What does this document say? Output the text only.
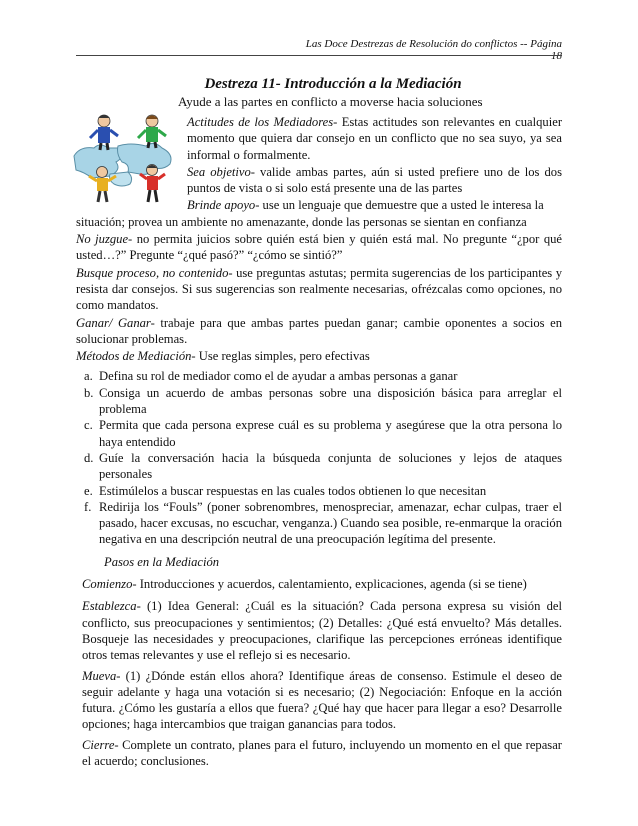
Las Doce Destrezas de Resolución do conflictos -- Página 18
Destreza 11- Introducción a la Mediación
Ayude a las partes en conflicto a moverse hacia soluciones

Actitudes de los Mediadores- Estas actitudes son relevantes en cualquier momento que quiera dar consejo en un conflicto que no sea suyo, ya sea informal o formalmente.

Sea objetivo- valide ambas partes, aún si usted prefiere uno de los dos puntos de vista o si solo está presente una de las partes

Brinde apoyo- use un lenguaje que demuestre que a usted le interesa la

situación; provea un ambiente no amenazante, donde las personas se sientan en confianza

No juzgue- no permita juicios sobre quién está bien y quién está mal. No pregunte “¿por qué usted…?” Pregunte “¿qué pasó?” “¿cómo se sintió?”

Busque proceso, no contenido- use preguntas astutas; permita sugerencias de los participantes y resista dar consejos. Si sus sugerencias son realmente necesarias, ofrézcalas como opciones, no como mandatos.

Ganar/ Ganar- trabaje para que ambas partes puedan ganar; cambie oponentes a socios en solucionar problemas.

Métodos de Mediación- Use reglas simples, pero efectivas

a. Defina su rol de mediador como el de ayudar a ambas personas a ganar
b. Consiga un acuerdo de ambas personas sobre una disposición básica para arreglar el problema
c. Permita que cada persona exprese cuál es su problema y asegúrese que la otra persona lo haya entendido
d. Guíe la conversación hacia la búsqueda conjunta de soluciones y lejos de ataques personales
e. Estimúlelos a buscar respuestas en las cuales todos obtienen lo que necesitan
f. Redirija los “Fouls” (poner sobrenombres, menospreciar, amenazar, echar culpas, traer el pasado, hacer excusas, no escuchar, venganza.) Cuando sea posible, re-enmarque la oración negativa en una descripción neutral de una preocupación legítima del presente.

Pasos en la Mediación

Comienzo- Introducciones y acuerdos, calentamiento, explicaciones, agenda (si se tiene)

Establezca- (1) Idea General: ¿Cuál es la situación? Cada persona expresa su visión del conflicto, sus preocupaciones y sentimientos; (2) Detalles: ¿Qué está envuelto? Más detalles. Bosqueje las necesidades y preocupaciones, clarifique las percepciones erróneas identifique otros temas relevantes y use el reflejo si es necesario.

Mueva- (1) ¿Dónde están ellos ahora? Identifique áreas de consenso. Estimule el deseo de seguir adelante y haga una votación si es necesario; (2) Negociación: Enfoque en la acción futura. ¿Cómo les gustaría a ellos que fuera? ¿Qué hay que hacer para llegar a eso? Desarrolle opciones; haga intercambios que traigan ganancias para todos.

Cierre- Complete un contrato, planes para el futuro, incluyendo un momento en el que repasar el acuerdo; conclusiones.
